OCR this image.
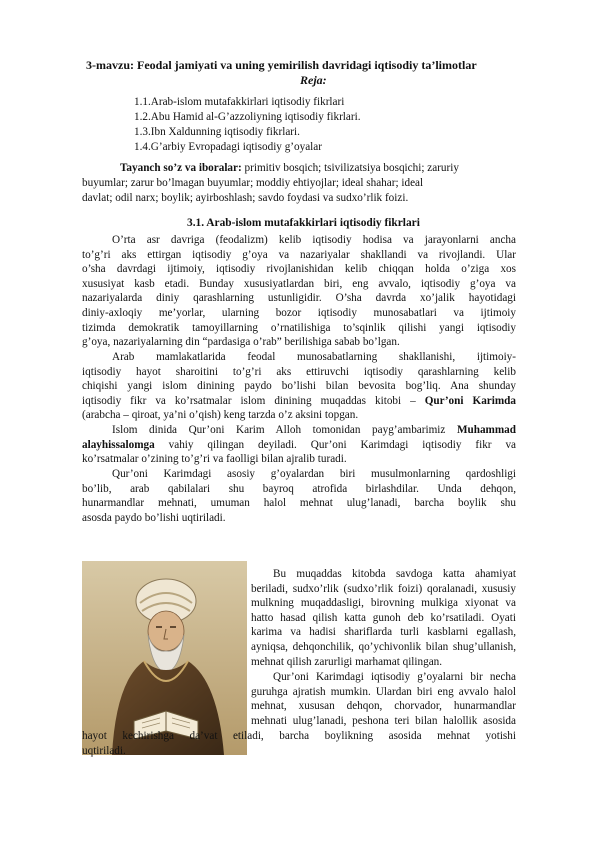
3-mavzu: Feodal jamiyati va uning yemirilish davridagi iqtisodiy ta’limotlar
Reja:
1.1.Arab-islom mutafakkirlari iqtisodiy fikrlari
1.2.Abu Hamid al-G’azzoliyning iqtisodiy fikrlari.
1.3.Ibn Xaldunning iqtisodiy fikrlari.
1.4.G’arbiy Evropadagi iqtisodiy g’oyalar
Tayanch so’z va iboralar: primitiv bosqich; tsivilizatsiya bosqichi; zaruriy
buyumlar; zarur bo’lmagan buyumlar; moddiy ehtiyojlar; ideal shahar; ideal
davlat; odil narx; boylik; ayirboshlash; savdo foydasi va sudxo’rlik foizi.
3.1. Arab-islom mutafakkirlari iqtisodiy fikrlari
O’rta asr davriga (feodalizm) kelib iqtisodiy hodisa va jarayonlarni ancha
to’g’ri aks ettirgan iqtisodiy g’oya va nazariyalar shakllandi va rivojlandi. Ular
o’sha davrdagi ijtimoiy, iqtisodiy rivojlanishidan kelib chiqqan holda o’ziga xos
xususiyat kasb etadi. Bunday xususiyatlardan biri, eng avvalo, iqtisodiy g’oya va
nazariyalarda diniy qarashlarning ustunligidir. O’sha davrda xo’jalik hayotidagi
diniy-axloqiy me’yorlar, ularning bozor iqtisodiy munosabatlari va ijtimoiy
tizimda demokratik tamoyillarning o’rnatilishiga to’sqinlik qilishi yangi iqtisodiy
g’oya, nazariyalarning din “pardasiga o’rab” berilishiga sabab bo’lgan.
Arab mamlakatlarida feodal munosabatlarning shakllanishi, ijtimoiy-
iqtisodiy hayot sharoitini to’g’ri aks ettiruvchi iqtisodiy qarashlarning kelib
chiqishi yangi islom dinining paydo bo’lishi bilan bevosita bog’liq. Ana shunday
iqtisodiy fikr va ko’rsatmalar islom dinining muqaddas kitobi – Qur’oni Karimda
(arabcha – qiroat, ya’ni o’qish) keng tarzda o’z aksini topgan.
Islom dinida Qur’oni Karim Alloh tomonidan payg’ambarimiz Muhammad
alayhissalomga vahiy qilingan deyiladi. Qur’oni Karimdagi iqtisodiy fikr va
ko’rsatmalar o’zining to’g’ri va faolligi bilan ajralib turadi.
Qur’oni Karimdagi asosiy g’oyalardan biri musulmonlarning qardoshligi
bo’lib, arab qabilalari shu bayroq atrofida birlashdilar. Unda dehqon,
hunarmandlar mehnati, umuman halol mehnat ulug’lanadi, barcha boylik shu
asosda paydo bo’lishi uqtiriladi.
Bu muqaddas kitobda savdoga katta ahamiyat
beriladi, sudxo’rlik (sudxo’rlik foizi) qoralanadi, xususiy
mulkning muqaddasligi, birovning mulkiga xiyonat va
hatto hasad qilish katta gunoh deb ko’rsatiladi. Oyati
karima va hadisi shariflarda turli kasblarni egallash,
ayniqsa, dehqonchilik, qo’ychivonlik bilan shug’ullanish,
mehnat qilish zarurligi marhamat qilingan.
Qur’oni Karimdagi iqtisodiy g’oyalarni bir necha
guruhga ajratish mumkin. Ulardan biri eng avvalo halol
mehnat, xususan dehqon, chorvador, hunarmandlar
mehnati ulug’lanadi, peshona teri bilan halollik asosida
hayot kechirishga da’vat etiladi, barcha boylikning asosida mehnat yotishi
uqtiriladi.
